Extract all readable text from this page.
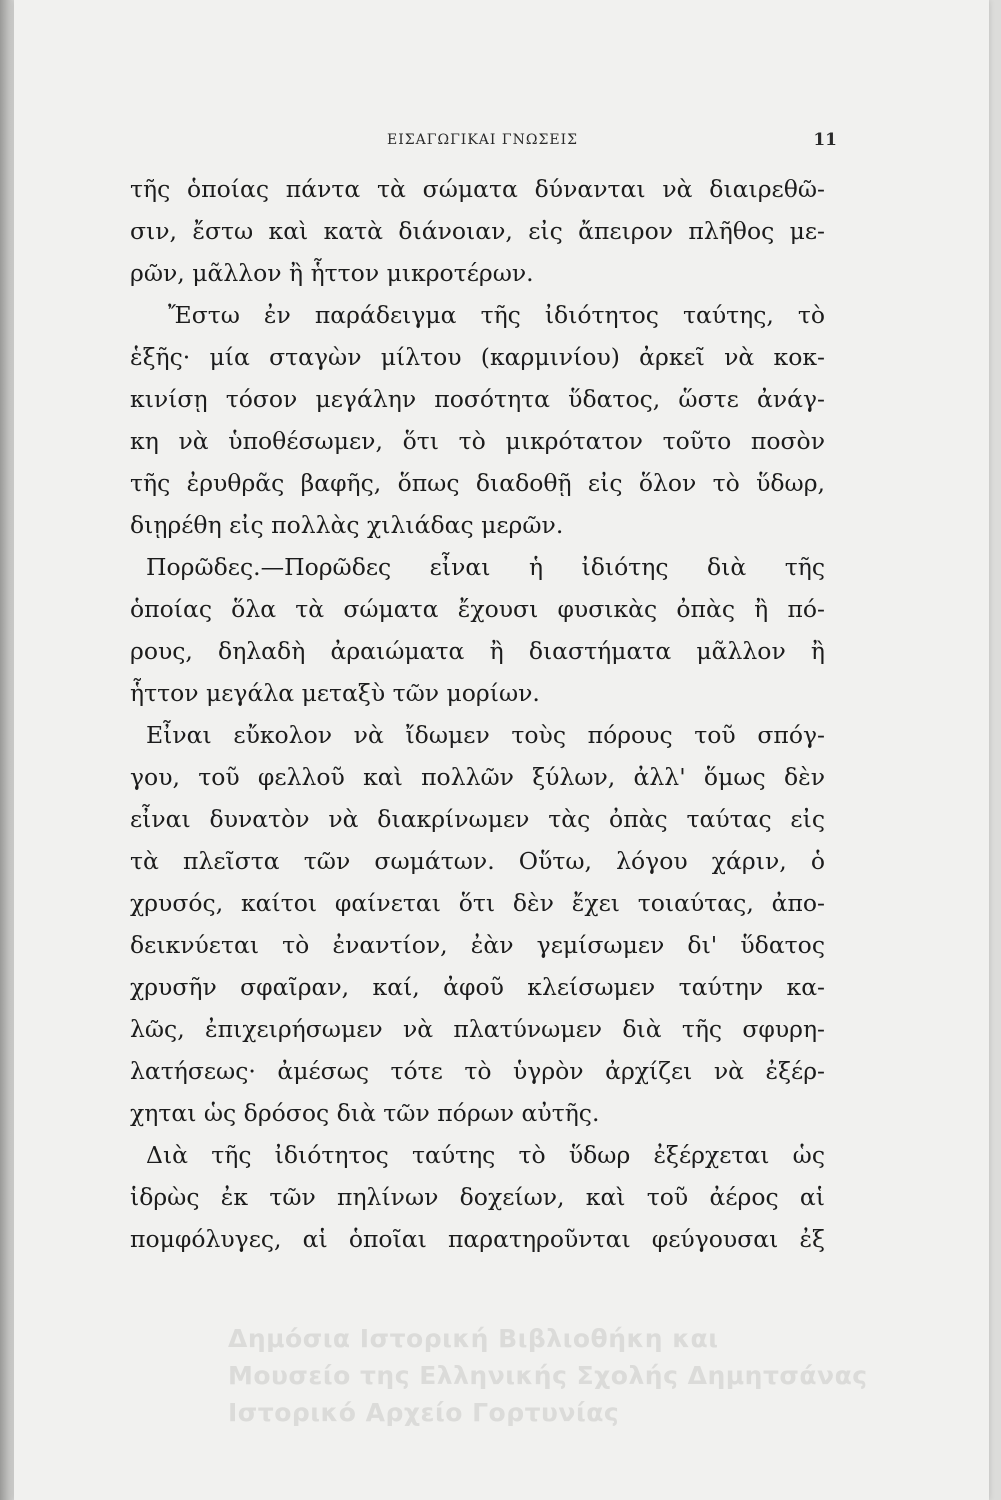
ΕΙΣΑΓΩΓΙΚΑΙ ΓΝΩΣΕΙΣ	11
τῆς ὁποίας πάντα τὰ σώματα δύνανται νὰ διαιρεθῶ-
σιν, ἔστω καὶ κατὰ διάνοιαν, εἰς ἄπειρον πλῆθος με-
ρῶν, μᾶλλον ἢ ἧττον μικροτέρων.
Ἔστω ἐν παράδειγμα τῆς ἰδιότητος ταύτης, τὸ
ἑξῆς· μία σταγὼν μίλτου (καρμινίου) ἀρκεῖ νὰ κοκ-
κινίσῃ τόσον μεγάλην ποσότητα ὕδατος, ὥστε ἀνάγ-
κη νὰ ὑποθέσωμεν, ὅτι τὸ μικρότατον τοῦτο ποσὸν
τῆς ἐρυθρᾶς βαφῆς, ὅπως διαδοθῇ εἰς ὅλον τὸ ὕδωρ,
διῃρέθη εἰς πολλὰς χιλιάδας μερῶν.
Πορῶδες.—Πορῶδες εἶναι ἡ ἰδιότης διὰ τῆς
ὁποίας ὅλα τὰ σώματα ἔχουσι φυσικὰς ὀπὰς ἢ πό-
ρους, δηλαδὴ ἀραιώματα ἢ διαστήματα μᾶλλον ἢ
ἧττον μεγάλα μεταξὺ τῶν μορίων.
Εἶναι εὔκολον νὰ ἴδωμεν τοὺς πόρους τοῦ σπόγ-
γου, τοῦ φελλοῦ καὶ πολλῶν ξύλων, ἀλλ' ὅμως δὲν
εἶναι δυνατὸν νὰ διακρίνωμεν τὰς ὀπὰς ταύτας εἰς
τὰ πλεῖστα τῶν σωμάτων. Οὕτω, λόγου χάριν, ὁ
χρυσός, καίτοι φαίνεται ὅτι δὲν ἔχει τοιαύτας, ἀπο-
δεικνύεται τὸ ἐναντίον, ἐὰν γεμίσωμεν δι' ὕδατος
χρυσῆν σφαῖραν, καί, ἀφοῦ κλείσωμεν ταύτην κα-
λῶς, ἐπιχειρήσωμεν νὰ πλατύνωμεν διὰ τῆς σφυρη-
λατήσεως· ἀμέσως τότε τὸ ὑγρὸν ἀρχίζει νὰ ἐξέρ-
χηται ὡς δρόσος διὰ τῶν πόρων αὐτῆς.
Διὰ τῆς ἰδιότητος ταύτης τὸ ὕδωρ ἐξέρχεται ὡς
ἱδρὼς ἐκ τῶν πηλίνων δοχείων, καὶ τοῦ ἀέρος αἱ
πομφόλυγες, αἱ ὁποῖαι παρατηροῦνται φεύγουσαι ἐξ
Δημόσια Ιστορική Βιβλιοθήκη και
Μουσείο της Ελληνικής Σχολής Δημητσάνας
Ιστορικό Αρχείο Γορτυνίας
